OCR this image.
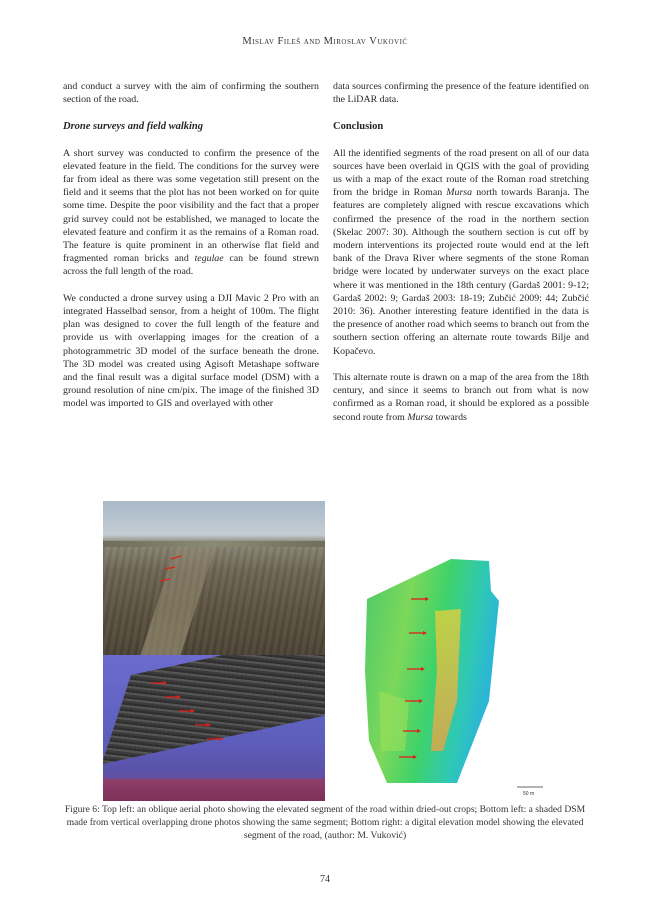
Mislav Fileš and Miroslav Vuković

and conduct a survey with the aim of confirming the southern section of the road.

Drone surveys and field walking

A short survey was conducted to confirm the presence of the elevated feature in the field. The conditions for the survey were far from ideal as there was some vegetation still present on the field and it seems that the plot has not been worked on for quite some time. Despite the poor visibility and the fact that a proper grid survey could not be established, we managed to locate the elevated feature and confirm it as the remains of a Roman road. The feature is quite prominent in an otherwise flat field and fragmented roman bricks and tegulae can be found strewn across the full length of the road.

We conducted a drone survey using a DJI Mavic 2 Pro with an integrated Hasselbad sensor, from a height of 100m. The flight plan was designed to cover the full length of the feature and provide us with overlapping images for the creation of a photogrammetric 3D model of the surface beneath the drone. The 3D model was created using Agisoft Metashape software and the final result was a digital surface model (DSM) with a ground resolution of nine cm/pix. The image of the finished 3D model was imported to GIS and overlayed with other

data sources confirming the presence of the feature identified on the LiDAR data.

Conclusion

All the identified segments of the road present on all of our data sources have been overlaid in QGIS with the goal of providing us with a map of the exact route of the Roman road stretching from the bridge in Roman Mursa north towards Baranja. The features are completely aligned with rescue excavations which confirmed the presence of the road in the northern section (Skelac 2007: 30). Although the southern section is cut off by modern interventions its projected route would end at the left bank of the Drava River where segments of the stone Roman bridge were located by underwater surveys on the exact place where it was mentioned in the 18th century (Gardaš 2001: 9-12; Gardaš 2002: 9; Gardaš 2003: 18-19; Zubčić 2009: 44; Zubčić 2010: 36). Another interesting feature identified in the data is the presence of another road which seems to branch out from the southern section offering an alternate route towards Bilje and Kopačevo.

This alternate route is drawn on a map of the area from the 18th century, and since it seems to branch out from what is now confirmed as a Roman road, it should be explored as a possible second route from Mursa towards

50 m
Figure 6: Top left: an oblique aerial photo showing the elevated segment of the road within dried-out crops; Bottom left: a shaded DSM made from vertical overlapping drone photos showing the same segment; Bottom right: a digital elevation model showing the elevated segment of the road, (author: M. Vuković)
74
